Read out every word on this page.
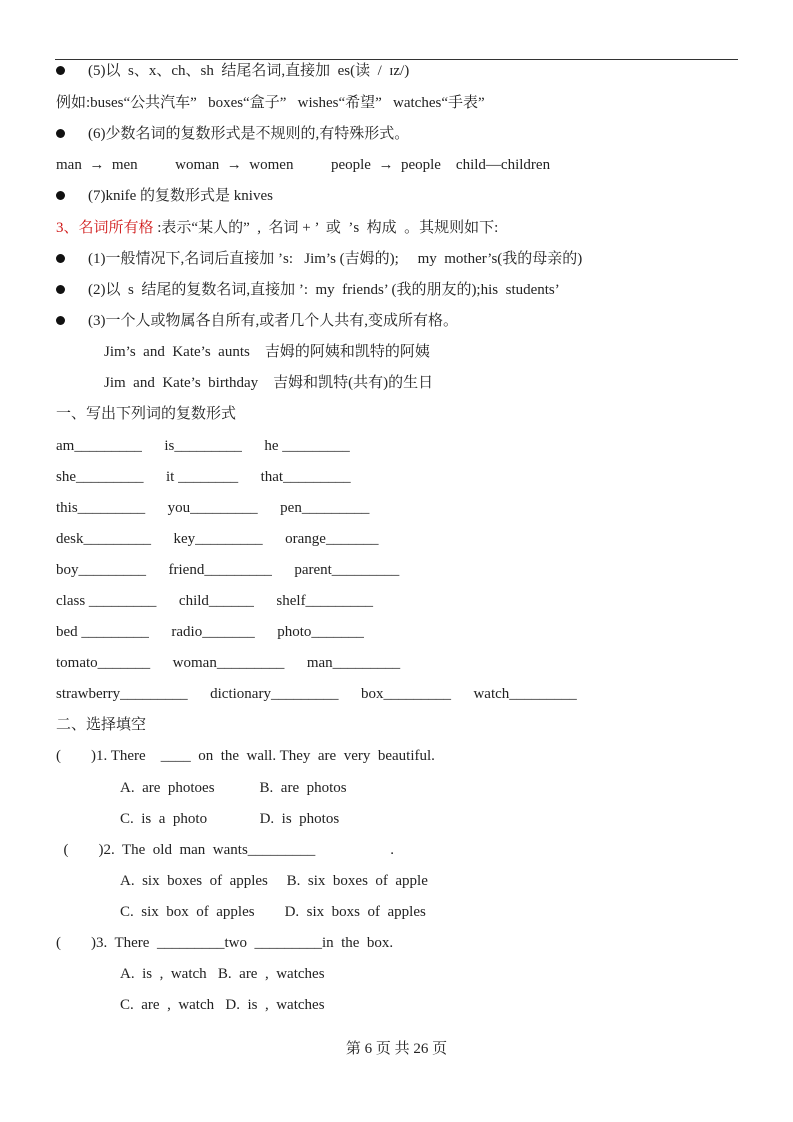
(5)以  s、x、ch、sh  结尾名词,直接加  es(读  /  ɪz/)
例如:buses“公共汽车”   boxes“盒子”   wishes“希望”   watches“手表”
(6)少数名词的复数形式是不规则的,有特殊形式。
man  →  men          woman  →  women          people  →  people    child—children
(7)knife 的复数形式是 knives
3、名词所有格 :表示“某人的”  ,  名词 + ’  或  ’s  构成  。其规则如下:
(1)一般情况下,名词后直接加 ’s:   Jim’s (吉姆的);     my  mother’s(我的母亲的)
(2)以  s  结尾的复数名词,直接加 ’:  my  friends’ (我的朋友的);his  students’
(3)一个人或物属各自所有,或者几个人共有,变成所有格。
Jim’s  and  Kate’s  aunts    吉姆的阿姨和凯特的阿姨
Jim  and  Kate’s  birthday    吉姆和凯特(共有)的生日
一、写出下列词的复数形式
am_________      is_________      he _________
she_________      it ________      that_________
this_________      you_________      pen_________
desk_________      key_________      orange_______
boy_________      friend_________      parent_________
class _________      child______      shelf_________
bed _________      radio_______      photo_______
tomato_______      woman_________      man_________
strawberry_________      dictionary_________      box_________      watch_________
二、选择填空
(        )1. There    ____  on  the  wall. They  are  very  beautiful.
A.  are  photoes            B.  are  photos
C.  is  a  photo              D.  is  photos
(        )2.  The  old  man  wants_________                    .
A.  six  boxes  of  apples     B.  six  boxes  of  apple
C.  six  box  of  apples        D.  six  boxs  of  apples
(        )3.  There  _________two  _________in  the  box.
A.  is  ,  watch   B.  are  ,  watches
C.  are  ,  watch   D.  is  ,  watches
第 6 页 共 26 页
